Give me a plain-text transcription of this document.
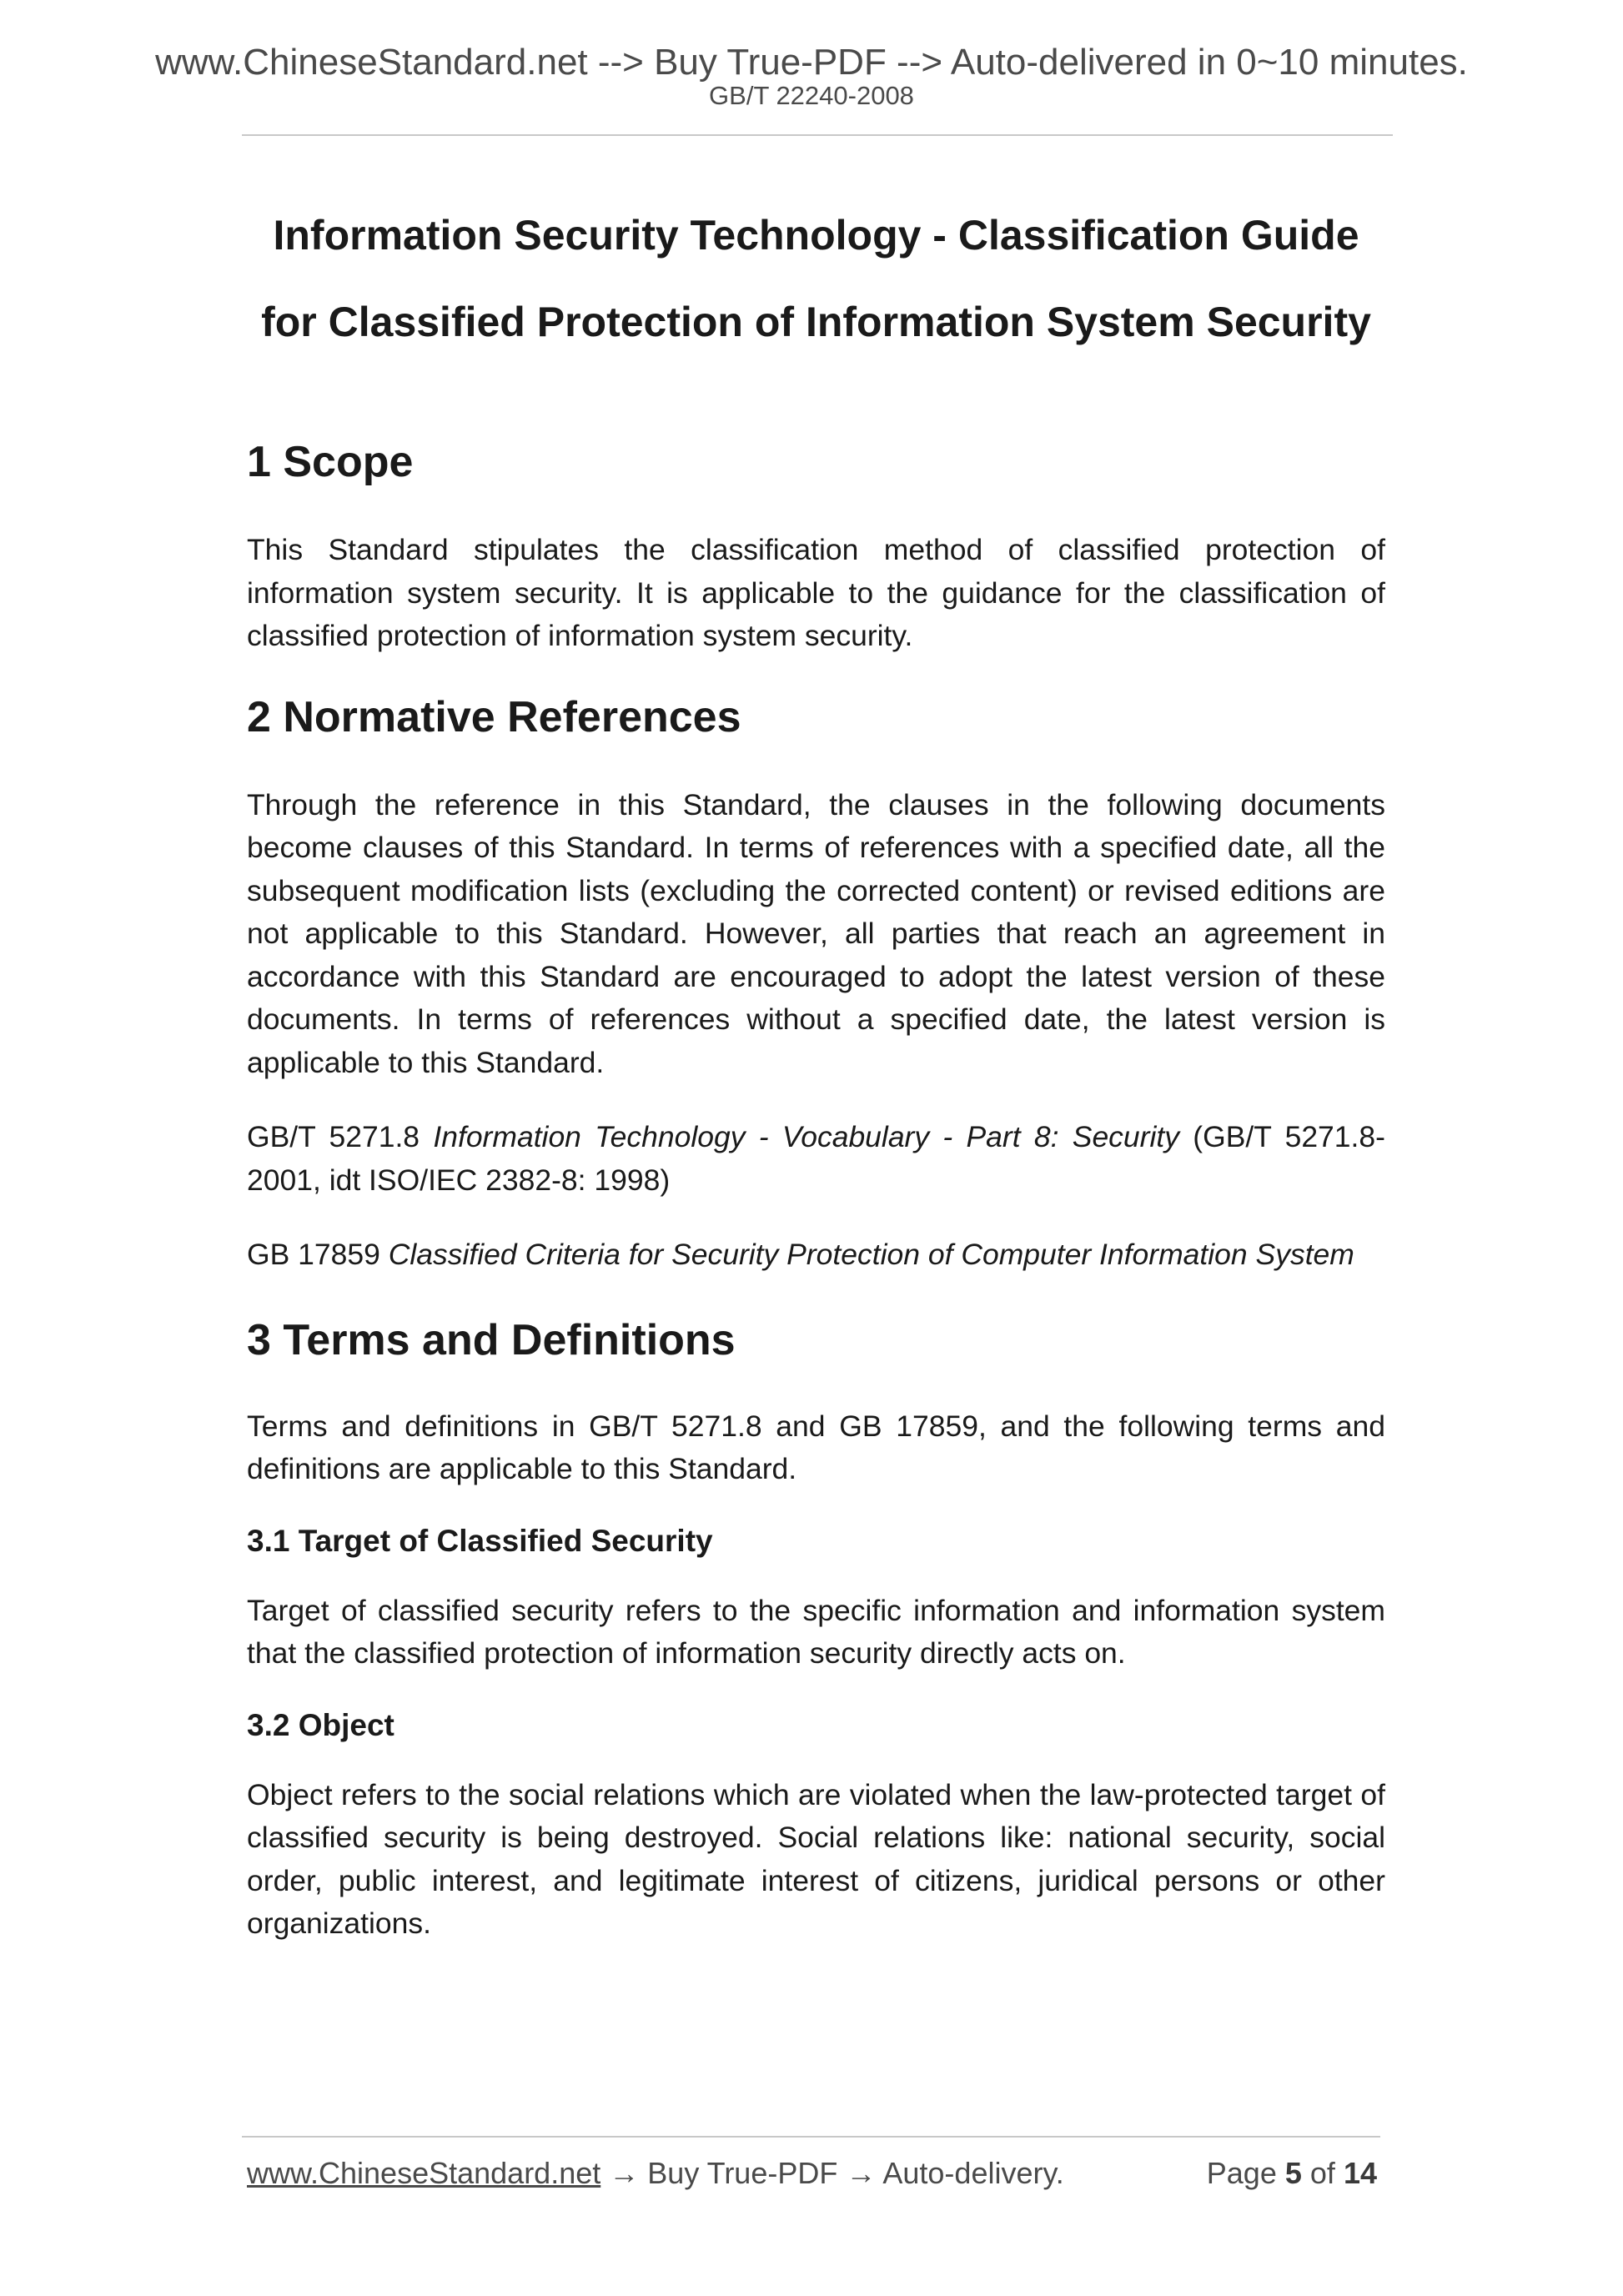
www.ChineseStandard.net --> Buy True-PDF --> Auto-delivered in 0~10 minutes.
GB/T 22240-2008
Information Security Technology - Classification Guide
for Classified Protection of Information System Security
1 Scope

This Standard stipulates the classification method of classified protection of information system security. It is applicable to the guidance for the classification of classified protection of information system security.

2 Normative References

Through the reference in this Standard, the clauses in the following documents become clauses of this Standard. In terms of references with a specified date, all the subsequent modification lists (excluding the corrected content) or revised editions are not applicable to this Standard. However, all parties that reach an agreement in accordance with this Standard are encouraged to adopt the latest version of these documents. In terms of references without a specified date, the latest version is applicable to this Standard.

GB/T 5271.8 Information Technology - Vocabulary - Part 8: Security (GB/T 5271.8-2001, idt ISO/IEC 2382-8: 1998)

GB 17859 Classified Criteria for Security Protection of Computer Information System

3 Terms and Definitions

Terms and definitions in GB/T 5271.8 and GB 17859, and the following terms and definitions are applicable to this Standard.

3.1 Target of Classified Security

Target of classified security refers to the specific information and information system that the classified protection of information security directly acts on.

3.2 Object

Object refers to the social relations which are violated when the law-protected target of classified security is being destroyed. Social relations like: national security, social order, public interest, and legitimate interest of citizens, juridical persons or other organizations.

www.ChineseStandard.net → Buy True-PDF → Auto-delivery.	Page 5 of 14
